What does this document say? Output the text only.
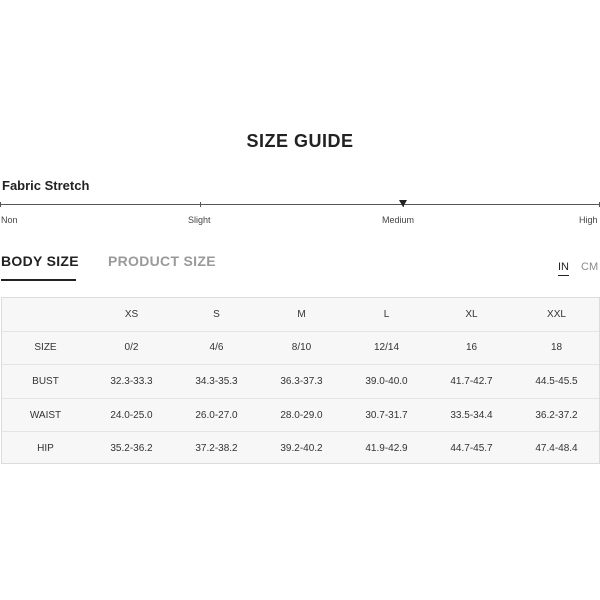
SIZE GUIDE
Fabric Stretch
Non	Slight	Medium	High
BODY SIZE PRODUCT SIZE	IN CM
	XS	S	M	L	XL	XXL
SIZE	0/2	4/6	8/10	12/14	16	18
BUST	32.3-33.3	34.3-35.3	36.3-37.3	39.0-40.0	41.7-42.7	44.5-45.5
WAIST	24.0-25.0	26.0-27.0	28.0-29.0	30.7-31.7	33.5-34.4	36.2-37.2
HIP	35.2-36.2	37.2-38.2	39.2-40.2	41.9-42.9	44.7-45.7	47.4-48.4
